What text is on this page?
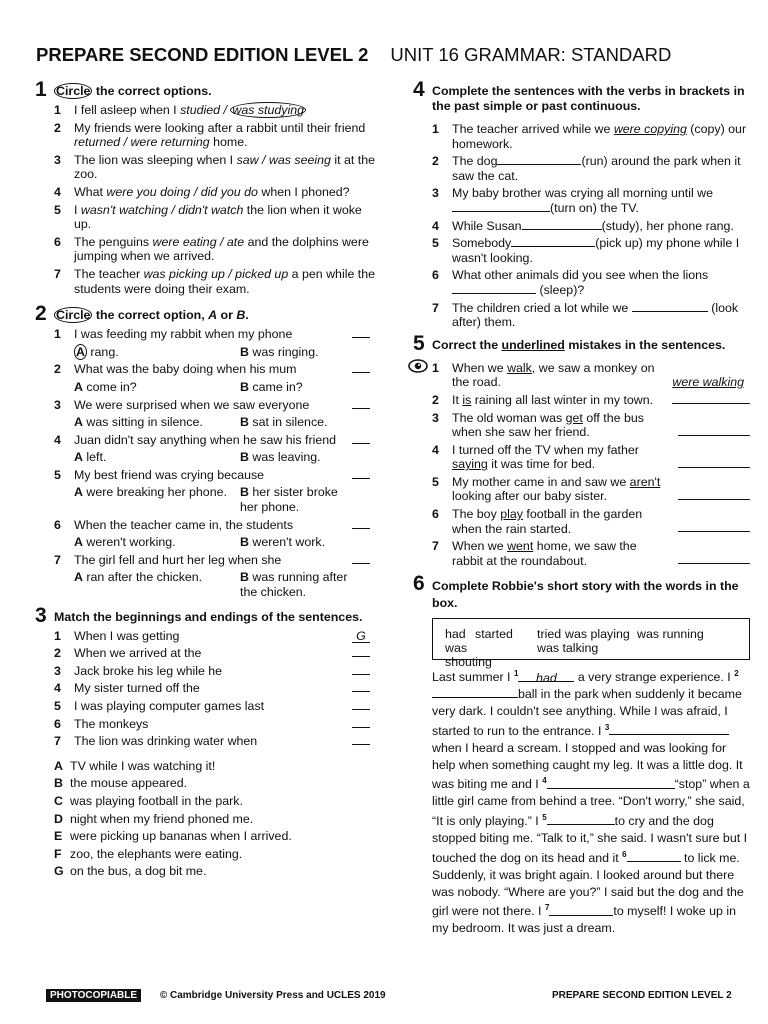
PREPARE SECOND EDITION LEVEL 2 UNIT 16 GRAMMAR: STANDARD
1 Circle the correct options.
1 I fell asleep when I studied / was studying
2 My friends were looking after a rabbit until their friend returned / were returning home.
3 The lion was sleeping when I saw / was seeing it at the zoo.
4 What were you doing / did you do when I phoned?
5 I wasn't watching / didn't watch the lion when it woke up.
6 The penguins were eating / ate and the dolphins were jumping when we arrived.
7 The teacher was picking up / picked up a pen while the students were doing their exam.
2 Circle the correct option, A or B.
1 I was feeding my rabbit when my phone
A rang.	B was ringing.
2 What was the baby doing when his mum
A come in?	B came in?
3 We were surprised when we saw everyone
A was sitting in silence.	B sat in silence.
4 Juan didn't say anything when he saw his friend
A left.	B was leaving.
5 My best friend was crying because
A were breaking her phone. B her sister broke her phone.
6 When the teacher came in, the students
A weren't working.	B weren't work.
7 The girl fell and hurt her leg when she
A ran after the chicken.	B was running after the chicken.
3 Match the beginnings and endings of the sentences.
1 When I was getting	G
2 When we arrived at the
3 Jack broke his leg while he
4 My sister turned off the
5 I was playing computer games last
6 The monkeys
7 The lion was drinking water when
A TV while I was watching it!
B the mouse appeared.
C was playing football in the park.
D night when my friend phoned me.
E were picking up bananas when I arrived.
F zoo, the elephants were eating.
G on the bus, a dog bit me.
4 Complete the sentences with the verbs in brackets in the past simple or past continuous.
1 The teacher arrived while we were copying (copy) our homework.
2 The dog	(run) around the park when it saw the cat.
3 My baby brother was crying all morning until we (turn on) the TV.
4 While Susan	(study), her phone rang.
5 Somebody	(pick up) my phone while I wasn't looking.
6 What other animals did you see when the lions  (sleep)?
7 The children cried a lot while we	(look after) them.
5 Correct the underlined mistakes in the sentences.
1 When we walk, we saw a monkey on the road.	were walking
2 It is raining all last winter in my town.
3 The old woman was get off the bus when she saw her friend.
4 I turned off the TV when my father saying it was time for bed.
5 My mother came in and saw we aren't looking after our baby sister.
6 The boy play football in the garden when the rain started.
7 When we went home, we saw the rabbit at the roundabout.
6 Complete Robbie's short story with the words in the box.
had started tried was playing was running
was	was talking
shouting
Last summer I $^1$ had a very strange experience. I $^2$ball in the park when suddenly it became very dark. I couldn't see anything. While I was afraid, I started to run to the entrance. I $^3$when I heard a scream. I stopped and was looking for help when something caught my leg. It was a little dog. It was biting me and I $^4$	“stop” when a little girl came from behind a tree. “Don't worry,” she said, “It is only playing.” I $^5$	to cry and the dog stopped biting me. “Talk to it,” she said. I wasn't sure but I touched the dog on its head and it $^6$	to lick me. Suddenly, it was bright again. I looked around but there was nobody. “Where are you?” I said but the dog and the girl were not there. I $^7$	to myself! I woke up in my bedroom. It was just a dream.
PHOTOCOPIABLE © Cambridge University Press and UCLES 2019	PREPARE SECOND EDITION LEVEL 2
